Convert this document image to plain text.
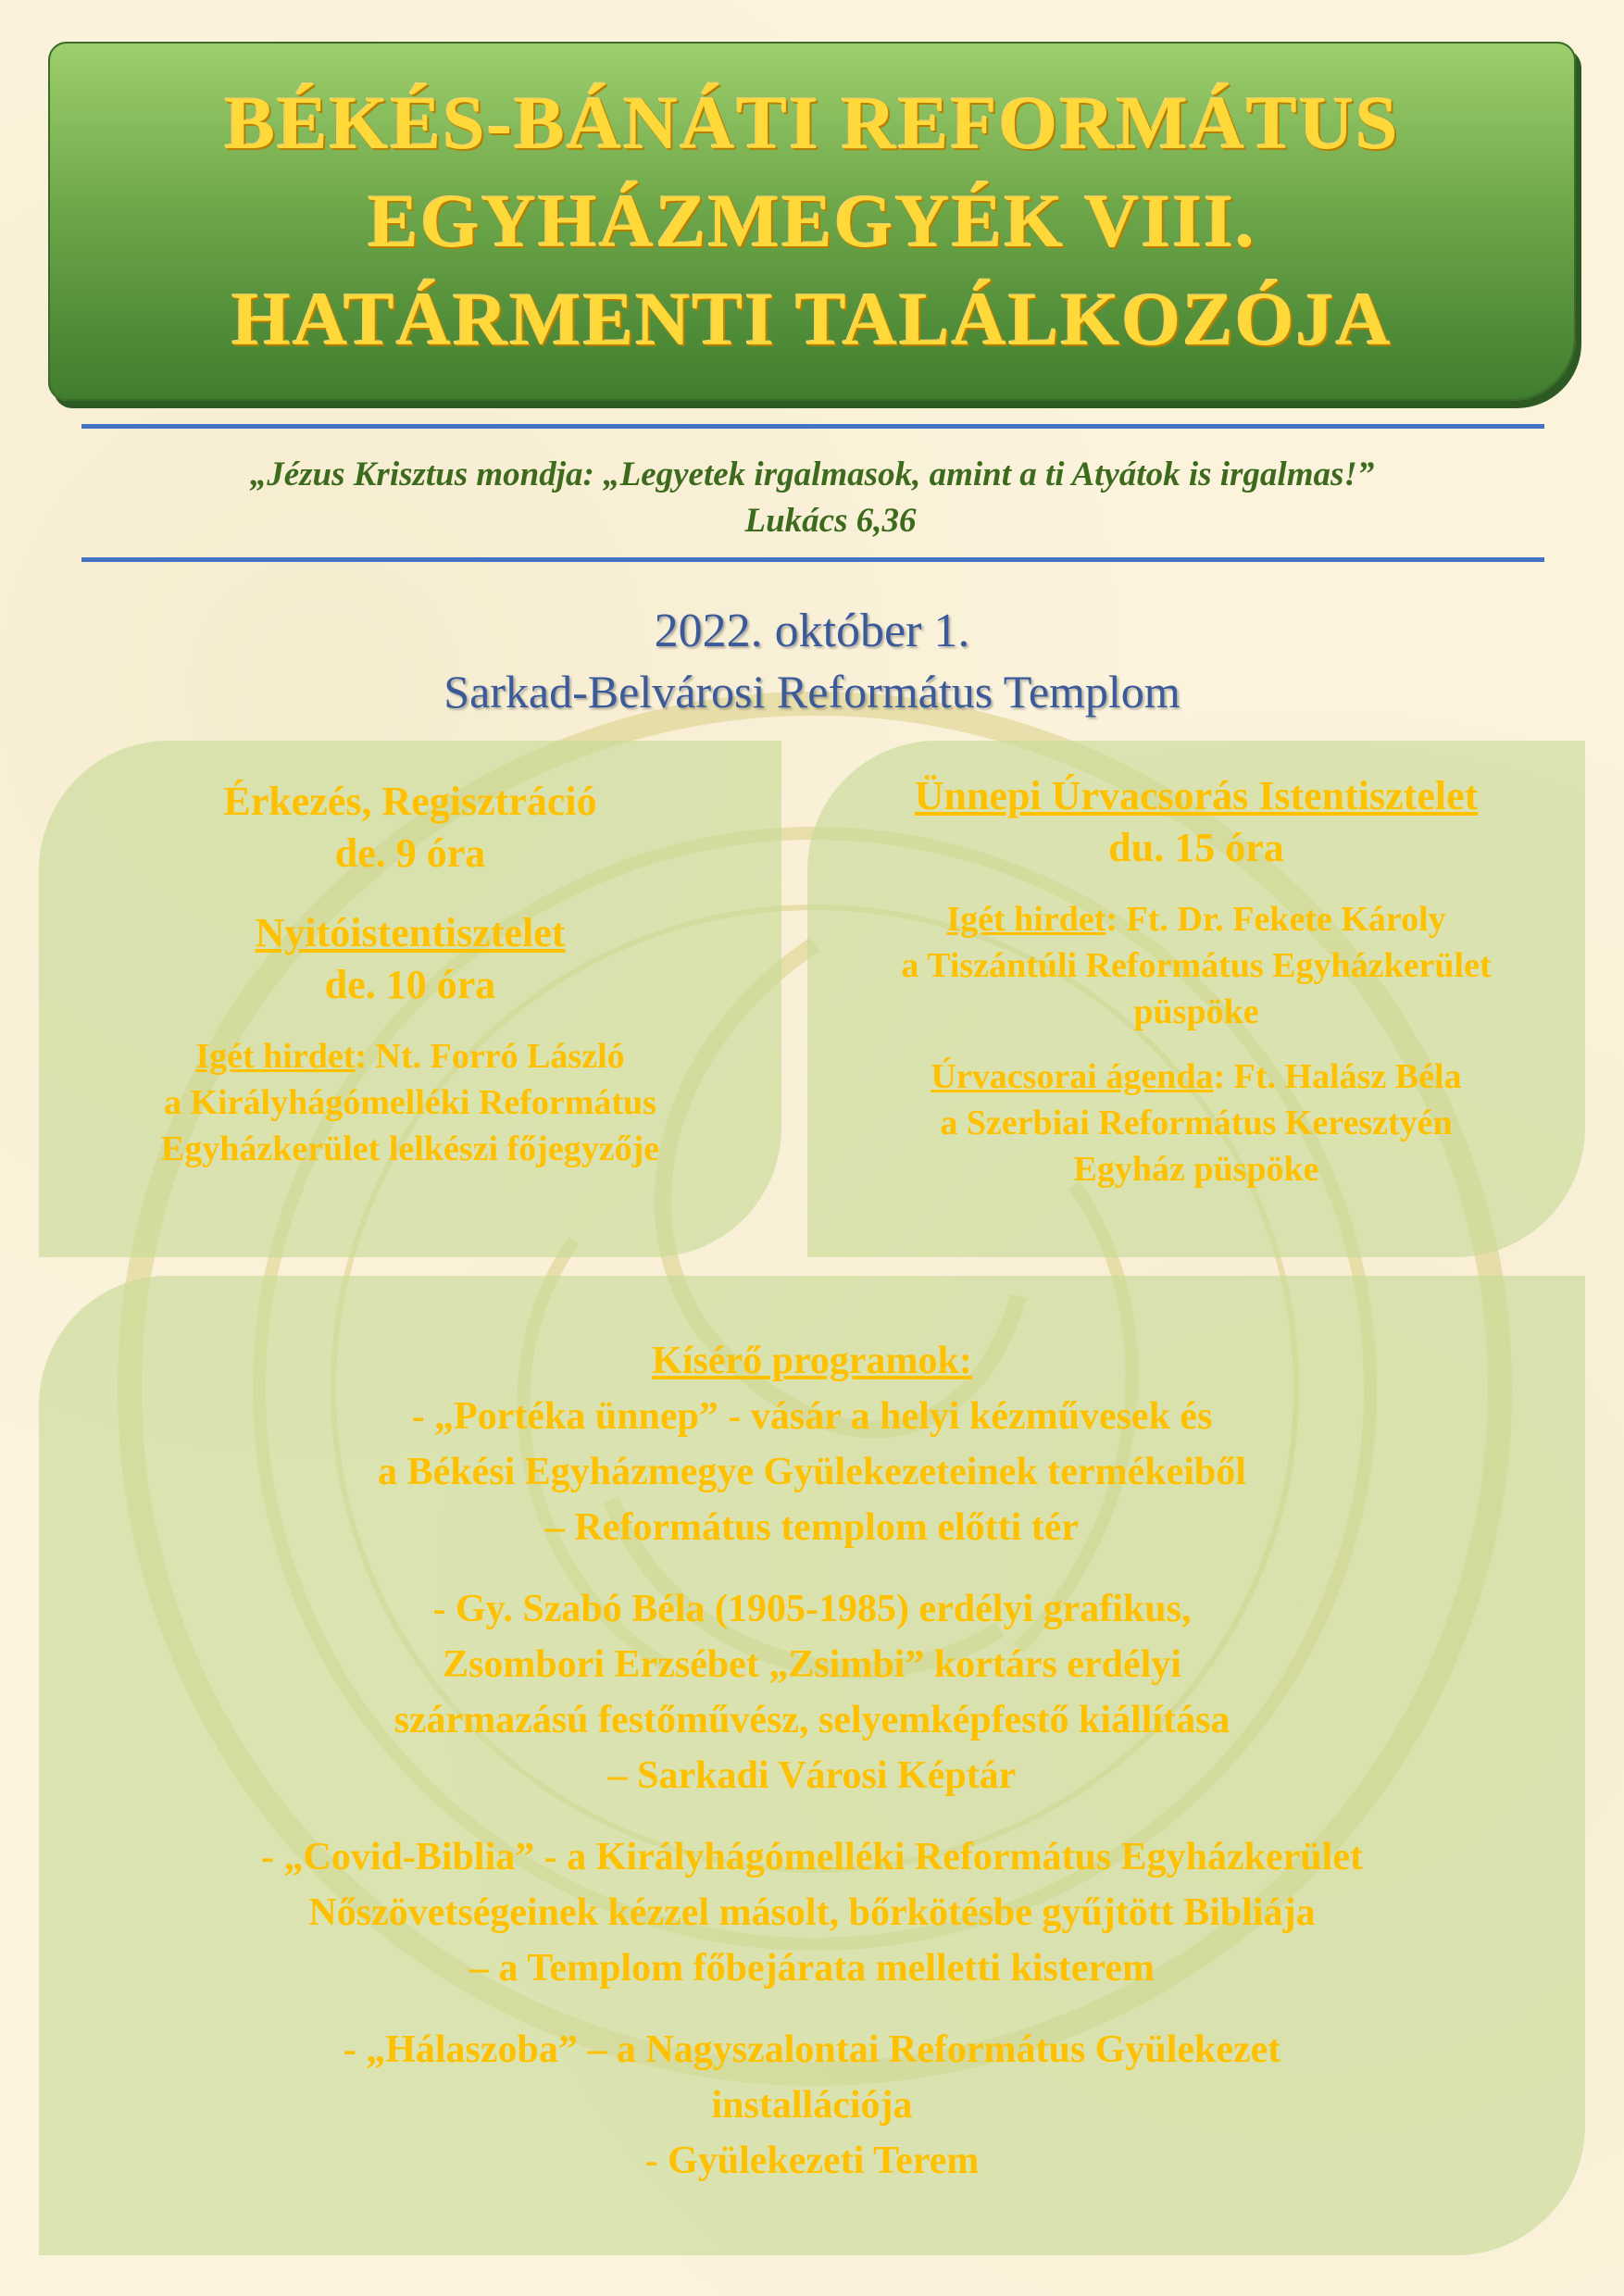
BÉKÉS-BÁNÁTI REFORMÁTUS
EGYHÁZMEGYÉK VIII.
HATÁRMENTI TALÁLKOZÓJA
„Jézus Krisztus mondja: „Legyetek irgalmasok, amint a ti Atyátok is irgalmas!”
Lukács 6,36
2022. október 1.
Sarkad-Belvárosi Református Templom
Érkezés, Regisztráció
de. 9 óra
Nyitóistentisztelet
de. 10 óra
Igét hirdet: Nt. Forró László
a Királyhágómelléki Református
Egyházkerület lelkészi főjegyzője
Ünnepi Úrvacsorás Istentisztelet
du. 15 óra
Igét hirdet: Ft. Dr. Fekete Károly
a Tiszántúli Református Egyházkerület
püspöke
Úrvacsorai ágenda: Ft. Halász Béla
a Szerbiai Református Keresztyén
Egyház püspöke
Kísérő programok:
- „Portéka ünnep” - vásár a helyi kézművesek és
a Békési Egyházmegye Gyülekezeteinek termékeiből
– Református templom előtti tér
- Gy. Szabó Béla (1905-1985) erdélyi grafikus,
Zsombori Erzsébet „Zsimbi” kortárs erdélyi
származású festőművész, selyemképfestő kiállítása
– Sarkadi Városi Képtár
- „Covid-Biblia” - a Királyhágómelléki Református Egyházkerület
Nőszövetségeinek kézzel másolt, bőrkötésbe gyűjtött Bibliája
– a Templom főbejárata melletti kisterem
- „Hálaszoba” – a Nagyszalontai Református Gyülekezet
installációja
- Gyülekezeti Terem
